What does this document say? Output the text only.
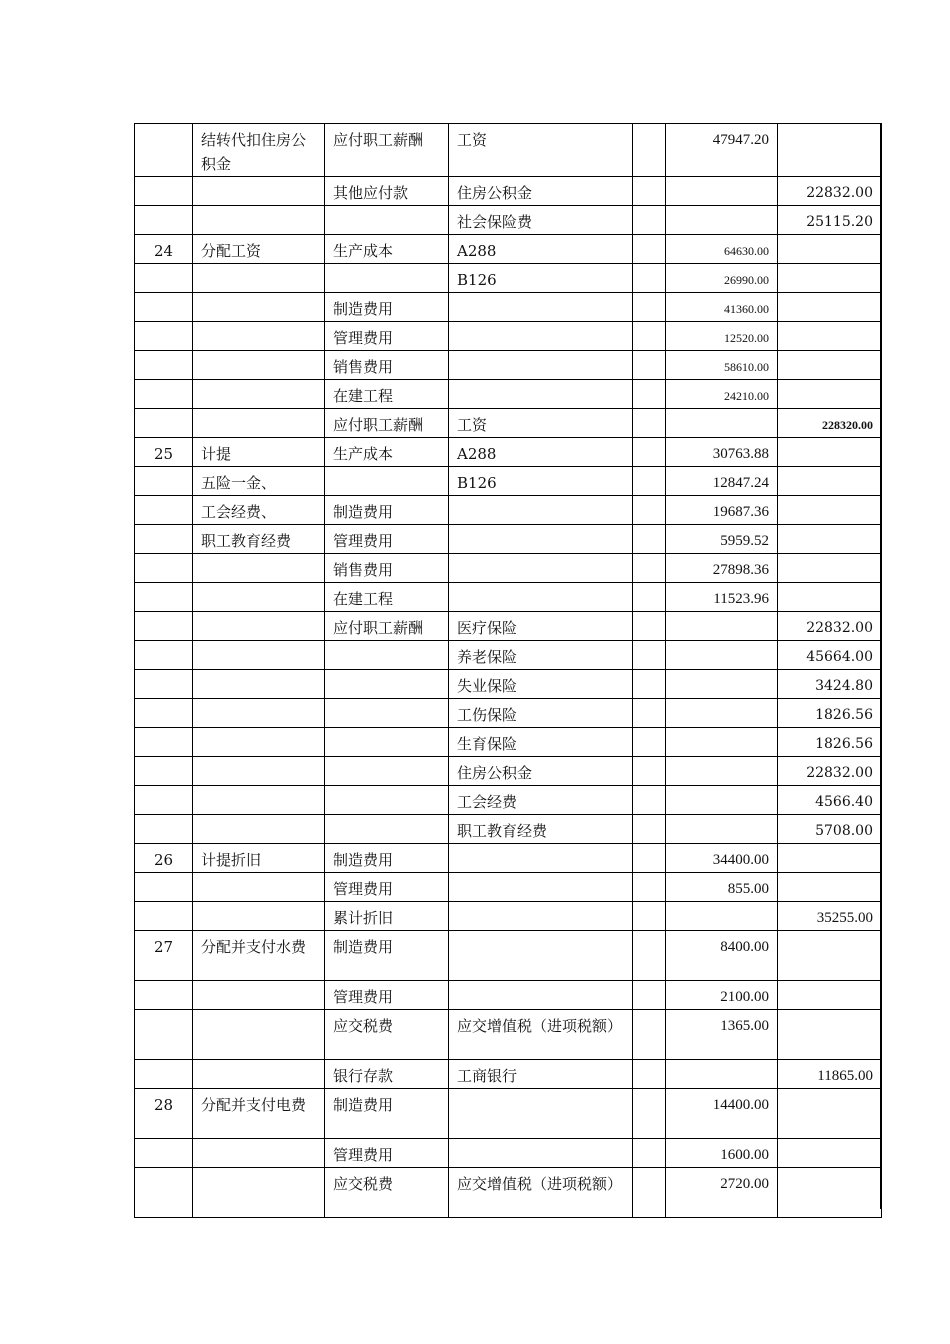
	结转代扣住房公积金	应付职工薪酬	工资		47947.20	
		其他应付款	住房公积金			22832.00
			社会保险费			25115.20
24	分配工资	生产成本	A288		64630.00	
			B126		26990.00	
		制造费用			41360.00	
		管理费用			12520.00	
		销售费用			58610.00	
		在建工程			24210.00	
		应付职工薪酬	工资			228320.00
25	计提	生产成本	A288		30763.88	
	五险一金、		B126		12847.24	
	工会经费、	制造费用			19687.36	
	职工教育经费	管理费用			5959.52	
		销售费用			27898.36	
		在建工程			11523.96	
		应付职工薪酬	医疗保险			22832.00
			养老保险			45664.00
			失业保险			3424.80
			工伤保险			1826.56
			生育保险			1826.56
			住房公积金			22832.00
			工会经费			4566.40
			职工教育经费			5708.00
26	计提折旧	制造费用			34400.00	
		管理费用			855.00	
		累计折旧				35255.00
27	分配并支付水费	制造费用			8400.00	
		管理费用			2100.00	
		应交税费	应交增值税（进项税额）		1365.00	
		银行存款	工商银行			11865.00
28	分配并支付电费	制造费用			14400.00	
		管理费用			1600.00	
		应交税费	应交增值税（进项税额）		2720.00	
